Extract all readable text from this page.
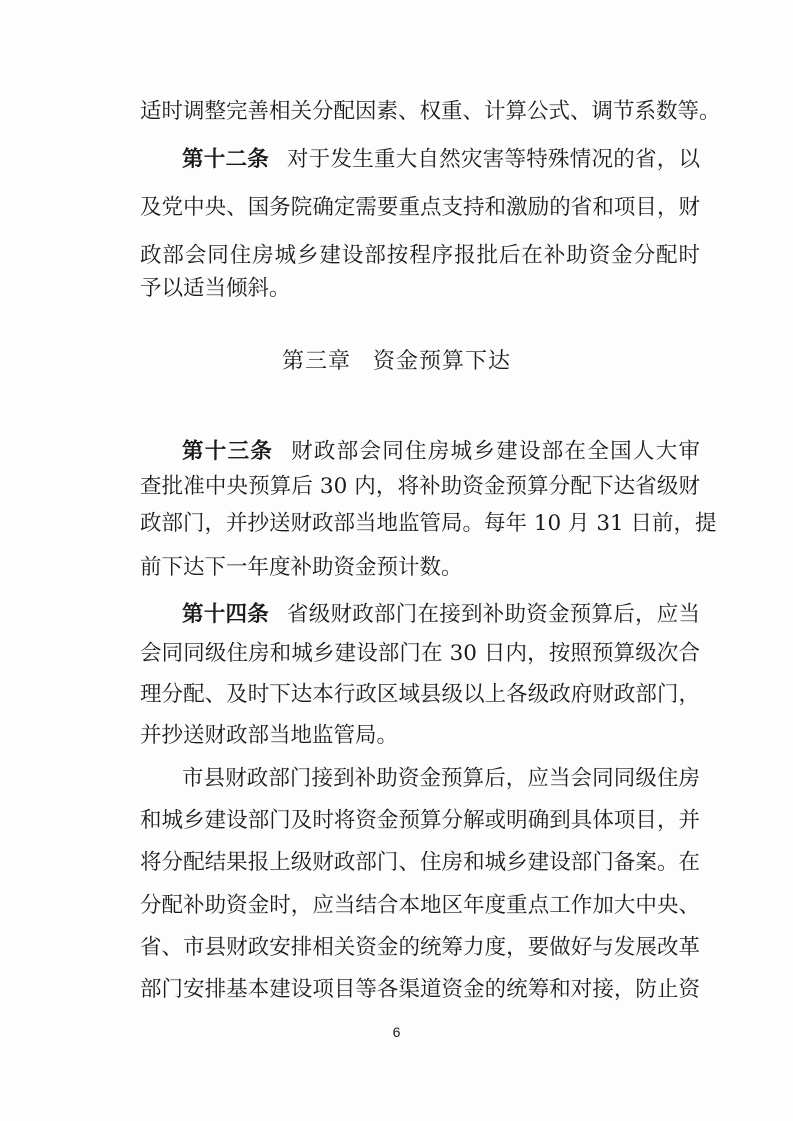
适时调整完善相关分配因素、权重、计算公式、调节系数等。
第十二条 对于发生重大自然灾害等特殊情况的省，以
及党中央、国务院确定需要重点支持和激励的省和项目，财
政部会同住房城乡建设部按程序报批后在补助资金分配时
予以适当倾斜。
第三章 资金预算下达
第十三条 财政部会同住房城乡建设部在全国人大审
查批准中央预算后 30 内，将补助资金预算分配下达省级财
政部门，并抄送财政部当地监管局。每年 10 月 31 日前，提
前下达下一年度补助资金预计数。
第十四条 省级财政部门在接到补助资金预算后，应当
会同同级住房和城乡建设部门在 30 日内，按照预算级次合
理分配、及时下达本行政区域县级以上各级政府财政部门，
并抄送财政部当地监管局。
市县财政部门接到补助资金预算后，应当会同同级住房
和城乡建设部门及时将资金预算分解或明确到具体项目，并
将分配结果报上级财政部门、住房和城乡建设部门备案。在
分配补助资金时，应当结合本地区年度重点工作加大中央、
省、市县财政安排相关资金的统筹力度，要做好与发展改革
部门安排基本建设项目等各渠道资金的统筹和对接，防止资
6
